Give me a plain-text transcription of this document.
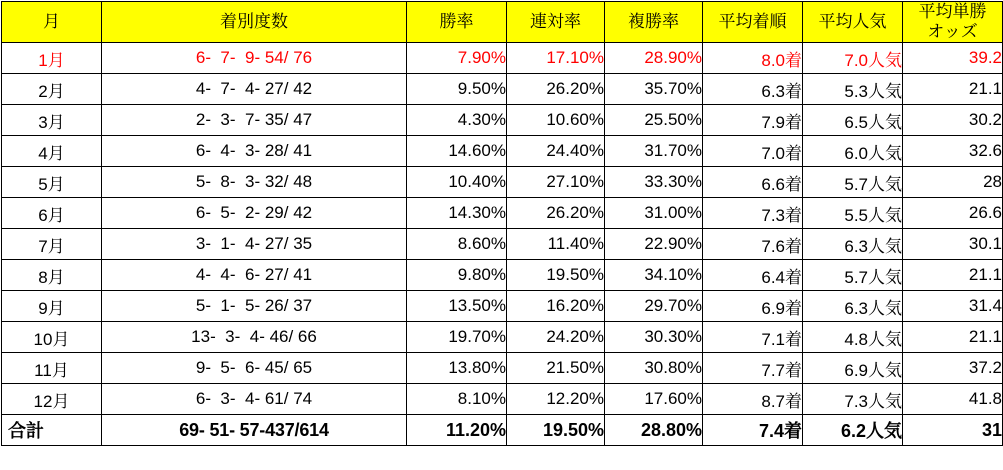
月	着別度数	勝率	連対率	複勝率	平均着順	平均人気	平均単勝
オッズ

1月	6-  7-  9- 54/ 76	7.90%	17.10%	28.90%	8.0着	7.0人気	39.2
2月	4-  7-  4- 27/ 42	9.50%	26.20%	35.70%	6.3着	5.3人気	21.1
3月	2-  3-  7- 35/ 47	4.30%	10.60%	25.50%	7.9着	6.5人気	30.2
4月	6-  4-  3- 28/ 41	14.60%	24.40%	31.70%	7.0着	6.0人気	32.6
5月	5-  8-  3- 32/ 48	10.40%	27.10%	33.30%	6.6着	5.7人気	28
6月	6-  5-  2- 29/ 42	14.30%	26.20%	31.00%	7.3着	5.5人気	26.6
7月	3-  1-  4- 27/ 35	8.60%	11.40%	22.90%	7.6着	6.3人気	30.1
8月	4-  4-  6- 27/ 41	9.80%	19.50%	34.10%	6.4着	5.7人気	21.1
9月	5-  1-  5- 26/ 37	13.50%	16.20%	29.70%	6.9着	6.3人気	31.4
10月	13-  3-  4- 46/ 66	19.70%	24.20%	30.30%	7.1着	4.8人気	21.1
11月	9-  5-  6- 45/ 65	13.80%	21.50%	30.80%	7.7着	6.9人気	37.2
12月	6-  3-  4- 61/ 74	8.10%	12.20%	17.60%	8.7着	7.3人気	41.8
合計	69- 51- 57-437/614	11.20%	19.50%	28.80%	7.4着	6.2人気	31
